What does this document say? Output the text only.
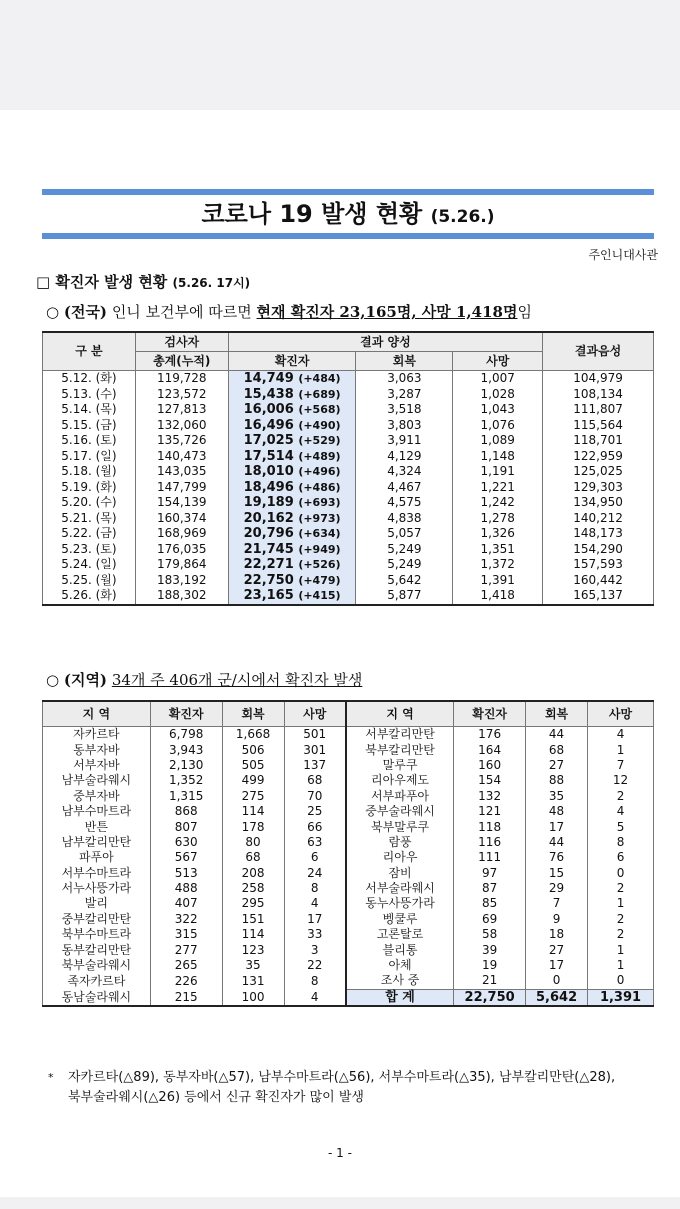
코로나 19 발생 현황 (5.26.)
주인니대사관
□ 확진자 발생 현황 (5.26. 17시)
○ (전국) 인니 보건부에 따르면 현재 확진자 23,165명, 사망 1,418명임
구 분	검사자	결과 양성			결과음성
	총계(누적)	확진자	회복	사망	
5.12. (화)	119,728	14,749 (+484)	3,063	1,007	104,979
5.13. (수)	123,572	15,438 (+689)	3,287	1,028	108,134
5.14. (목)	127,813	16,006 (+568)	3,518	1,043	111,807
5.15. (금)	132,060	16,496 (+490)	3,803	1,076	115,564
5.16. (토)	135,726	17,025 (+529)	3,911	1,089	118,701
5.17. (일)	140,473	17,514 (+489)	4,129	1,148	122,959
5.18. (월)	143,035	18,010 (+496)	4,324	1,191	125,025
5.19. (화)	147,799	18,496 (+486)	4,467	1,221	129,303
5.20. (수)	154,139	19,189 (+693)	4,575	1,242	134,950
5.21. (목)	160,374	20,162 (+973)	4,838	1,278	140,212
5.22. (금)	168,969	20,796 (+634)	5,057	1,326	148,173
5.23. (토)	176,035	21,745 (+949)	5,249	1,351	154,290
5.24. (일)	179,864	22,271 (+526)	5,249	1,372	157,593
5.25. (월)	183,192	22,750 (+479)	5,642	1,391	160,442
5.26. (화)	188,302	23,165 (+415)	5,877	1,418	165,137
○ (지역) 34개 주 406개 군/시에서 확진자 발생
지 역	확진자	회복	사망	지 역	확진자	회복	사망
자카르타	6,798	1,668	501	서부칼리만탄	176	44	4
동부자바	3,943	506	301	북부칼리만탄	164	68	1
서부자바	2,130	505	137	말루쿠	160	27	7
남부술라웨시	1,352	499	68	리아우제도	154	88	12
중부자바	1,315	275	70	서부파푸아	132	35	2
남부수마트라	868	114	25	중부술라웨시	121	48	4
반튼	807	178	66	북부말루쿠	118	17	5
남부칼리만탄	630	80	63	람풍	116	44	8
파푸아	567	68	6	리아우	111	76	6
서부수마트라	513	208	24	잠비	97	15	0
서누사뜽가라	488	258	8	서부술라웨시	87	29	2
발리	407	295	4	동누사뜽가라	85	7	1
중부칼리만탄	322	151	17	벵쿨루	69	9	2
북부수마트라	315	114	33	고론탈로	58	18	2
동부칼리만탄	277	123	3	블리통	39	27	1
북부술라웨시	265	35	22	아체	19	17	1
족자카르타	226	131	8	조사 중	21	0	0
동남술라웨시	215	100	4	합 계	22,750	5,642	1,391
*	자카르타(△89), 동부자바(△57), 남부수마트라(△56), 서부수마트라(△35), 남부칼리만탄(△28),
북부술라웨시(△26) 등에서 신규 확진자가 많이 발생
- 1 -
